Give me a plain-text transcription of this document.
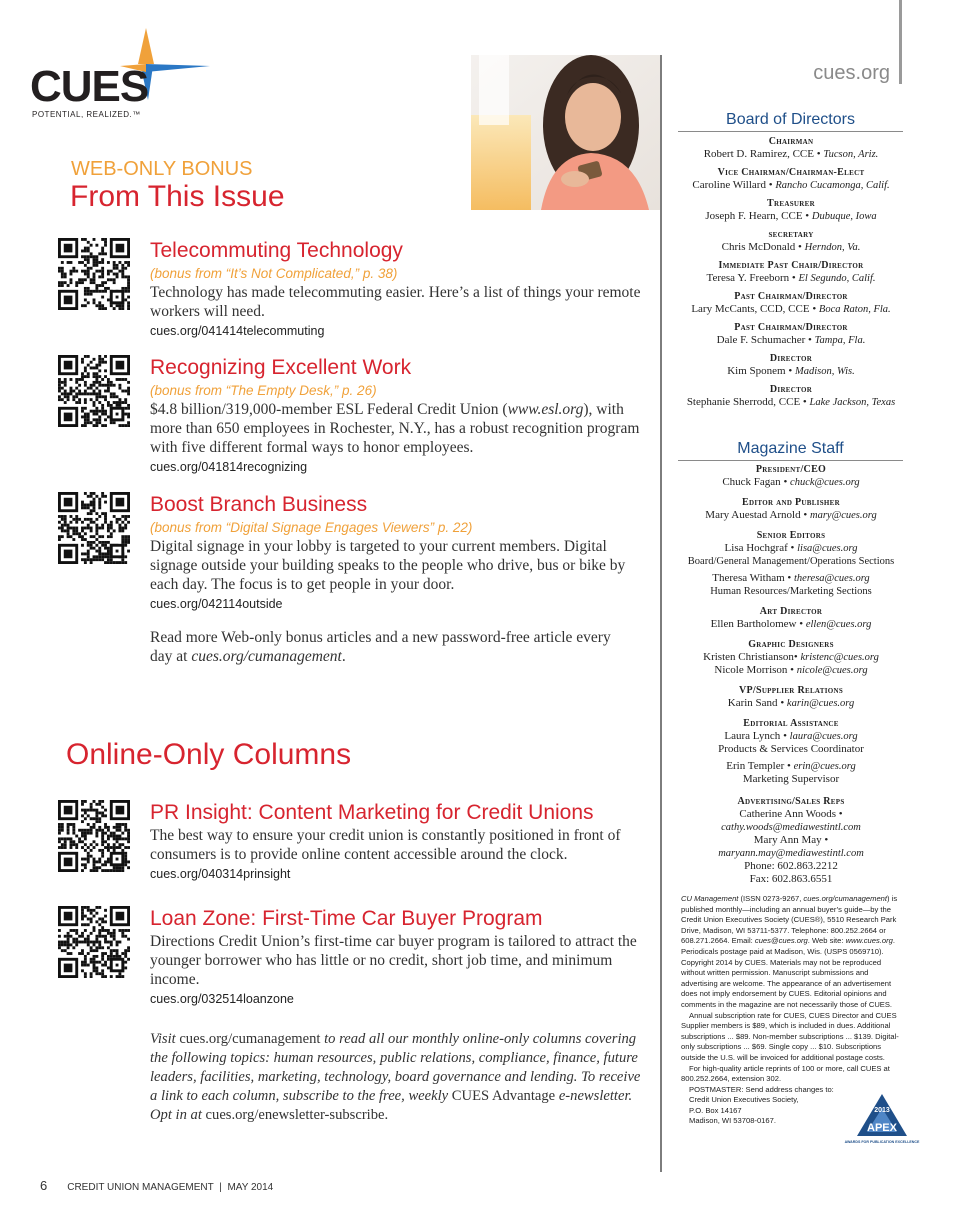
CUES
POTENTIAL, REALIZED.™
cues.org
WEB-ONLY BONUS
From This Issue
Telecommuting Technology
(bonus from “It’s Not Complicated,” p. 38)
Technology has made telecommuting easier. Here’s a list of things your remote workers will need.
cues.org/041414telecommuting
Recognizing Excellent Work
(bonus from “The Empty Desk,” p. 26)
$4.8 billion/319,000-member ESL Federal Credit Union (www.esl.org), with more than 650 employees in Rochester, N.Y., has a robust recognition program with five different formal ways to honor employees.
cues.org/041814recognizing
Boost Branch Business
(bonus from “Digital Signage Engages Viewers” p. 22)
Digital signage in your lobby is targeted to your current members. Digital signage outside your building speaks to the people who drive, bus or bike by each day. The focus is to get people in your door.
cues.org/042114outside
Read more Web-only bonus articles and a new password-free article every day at cues.org/cumanagement.
Online-Only Columns
PR Insight: Content Marketing for Credit Unions
The best way to ensure your credit union is constantly positioned in front of consumers is to provide online content accessible around the clock.
cues.org/040314prinsight
Loan Zone: First-Time Car Buyer Program
Directions Credit Union’s first-time car buyer program is tailored to attract the younger borrower who has little or no credit, short job time, and minimum income.
cues.org/032514loanzone
Visit cues.org/cumanagement to read all our monthly online-only columns covering the following topics: human resources, public relations, compliance, finance, future leaders, facilities, marketing, technology, board governance and lending. To receive a link to each column, subscribe to the free, weekly CUES Advantage e-newsletter. Opt in at cues.org/enewsletter-subscribe.
Board of Directors
Chairman
Robert D. Ramirez, CCE • Tucson, Ariz.
Vice Chairman/Chairman-Elect
Caroline Willard • Rancho Cucamonga, Calif.
Treasurer
Joseph F. Hearn, CCE • Dubuque, Iowa
secretary
Chris McDonald • Herndon, Va.
Immediate Past Chair/Director
Teresa Y. Freeborn • El Segundo, Calif.
Past Chairman/Director
Lary McCants, CCD, CCE • Boca Raton, Fla.
Past Chairman/Director
Dale F. Schumacher • Tampa, Fla.
Director
Kim Sponem • Madison, Wis.
Director
Stephanie Sherrodd, CCE • Lake Jackson, Texas
Magazine Staff
President/CEO
Chuck Fagan • chuck@cues.org
Editor and Publisher
Mary Auestad Arnold • mary@cues.org
Senior Editors
Lisa Hochgraf • lisa@cues.org
Board/General Management/Operations Sections
Theresa Witham • theresa@cues.org
Human Resources/Marketing Sections
Art Director
Ellen Bartholomew • ellen@cues.org
Graphic Designers
Kristen Christianson• kristenc@cues.org
Nicole Morrison • nicole@cues.org
VP/Supplier Relations
Karin Sand • karin@cues.org
Editorial Assistance
Laura Lynch • laura@cues.org
Products & Services Coordinator
Erin Templer • erin@cues.org
Marketing Supervisor
Advertising/Sales Reps
Catherine Ann Woods •
cathy.woods@mediawestintl.com
Mary Ann May •
maryann.may@mediawestintl.com
Phone: 602.863.2212
Fax: 602.863.6551

CU Management (ISSN 0273-9267, cues.org/cumanagement) is published monthly—including an annual buyer’s guide—by the Credit Union Executives Society (CUES®), 5510 Research Park Drive, Madison, WI 53711-5377. Telephone: 800.252.2664 or 608.271.2664. Email: cues@cues.org. Web site: www.cues.org. Periodicals postage paid at Madison, Wis. (USPS 0569710). Copyright 2014 by CUES. Materials may not be reproduced without written permission. Manuscript submissions and advertising are welcome. The appearance of an advertisement does not imply endorsement by CUES. Editorial opinions and comments in the magazine are not necessarily those of CUES.

Annual subscription rate for CUES, CUES Director and CUES Supplier members is $89, which is included in dues. Additional subscriptions ... $89. Non-member subscriptions ... $139. Digital-only subscriptions ... $69. Single copy ... $10. Subscriptions outside the U.S. will be invoiced for additional postage costs.

For high-quality article reprints of 100 or more, call CUES at 800.252.2664, extension 302.

POSTMASTER: Send address changes to:

Credit Union Executives Society,

P.O. Box 14167

Madison, WI 53708-0167.

2013
APEX
AWARDS FOR PUBLICATION EXCELLENCE
6 CREDIT UNION MANAGEMENT | MAY 2014
